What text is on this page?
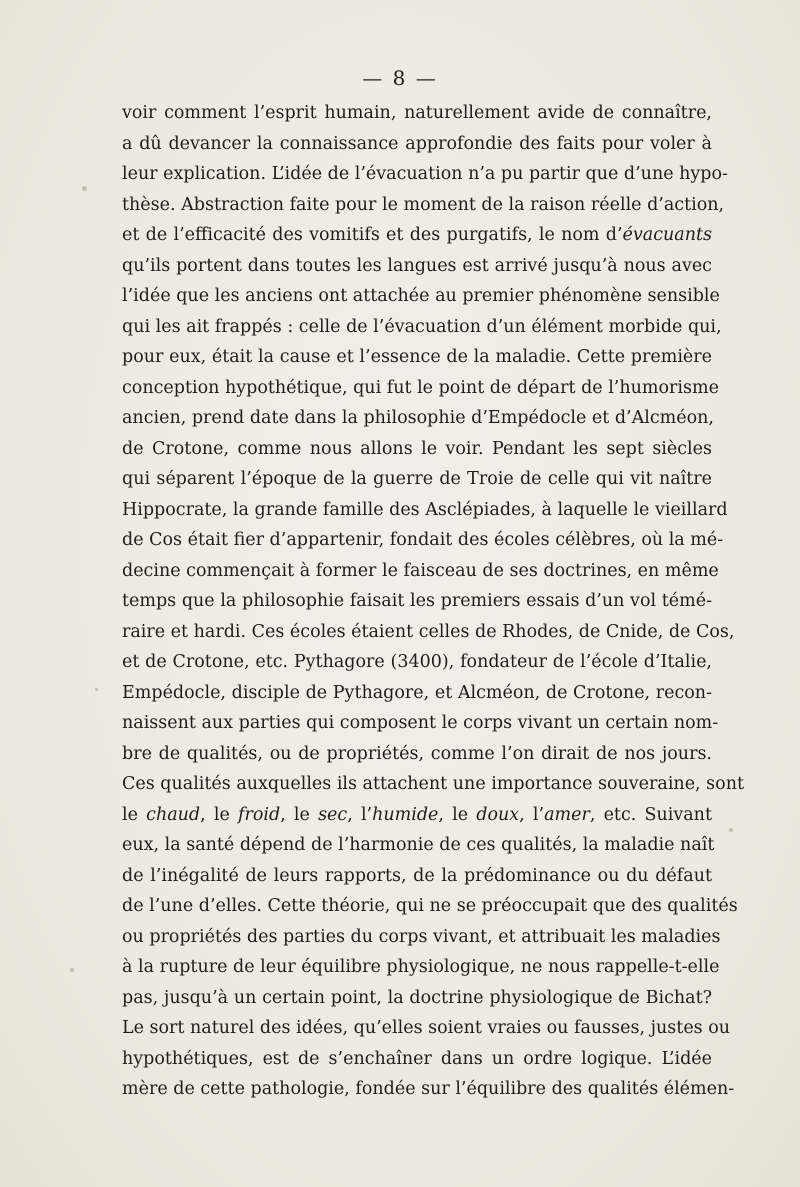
— 8 —
voir comment l’esprit humain, naturellement avide de connaître,
a dû devancer la connaissance approfondie des faits pour voler à
leur explication. L’idée de l’évacuation n’a pu partir que d’une hypo-
thèse. Abstraction faite pour le moment de la raison réelle d’action,
et de l’efficacité des vomitifs et des purgatifs, le nom d’évacuants
qu’ils portent dans toutes les langues est arrivé jusqu’à nous avec
l’idée que les anciens ont attachée au premier phénomène sensible
qui les ait frappés : celle de l’évacuation d’un élément morbide qui,
pour eux, était la cause et l’essence de la maladie. Cette première
conception hypothétique, qui fut le point de départ de l’humorisme
ancien, prend date dans la philosophie d’Empédocle et d’Alcméon,
de Crotone, comme nous allons le voir. Pendant les sept siècles
qui séparent l’époque de la guerre de Troie de celle qui vit naître
Hippocrate, la grande famille des Asclépiades, à laquelle le vieillard
de Cos était fier d’appartenir, fondait des écoles célèbres, où la mé-
decine commençait à former le faisceau de ses doctrines, en même
temps que la philosophie faisait les premiers essais d’un vol témé-
raire et hardi. Ces écoles étaient celles de Rhodes, de Cnide, de Cos,
et de Crotone, etc. Pythagore (3400), fondateur de l’école d’Italie,
Empédocle, disciple de Pythagore, et Alcméon, de Crotone, recon-
naissent aux parties qui composent le corps vivant un certain nom-
bre de qualités, ou de propriétés, comme l’on dirait de nos jours.
Ces qualités auxquelles ils attachent une importance souveraine, sont
le chaud, le froid, le sec, l’humide, le doux, l’amer, etc. Suivant
eux, la santé dépend de l’harmonie de ces qualités, la maladie naît
de l’inégalité de leurs rapports, de la prédominance ou du défaut
de l’une d’elles. Cette théorie, qui ne se préoccupait que des qualités
ou propriétés des parties du corps vivant, et attribuait les maladies
à la rupture de leur équilibre physiologique, ne nous rappelle-t-elle
pas, jusqu’à un certain point, la doctrine physiologique de Bichat?
Le sort naturel des idées, qu’elles soient vraies ou fausses, justes ou
hypothétiques, est de s’enchaîner dans un ordre logique. L’idée
mère de cette pathologie, fondée sur l’équilibre des qualités élémen-
